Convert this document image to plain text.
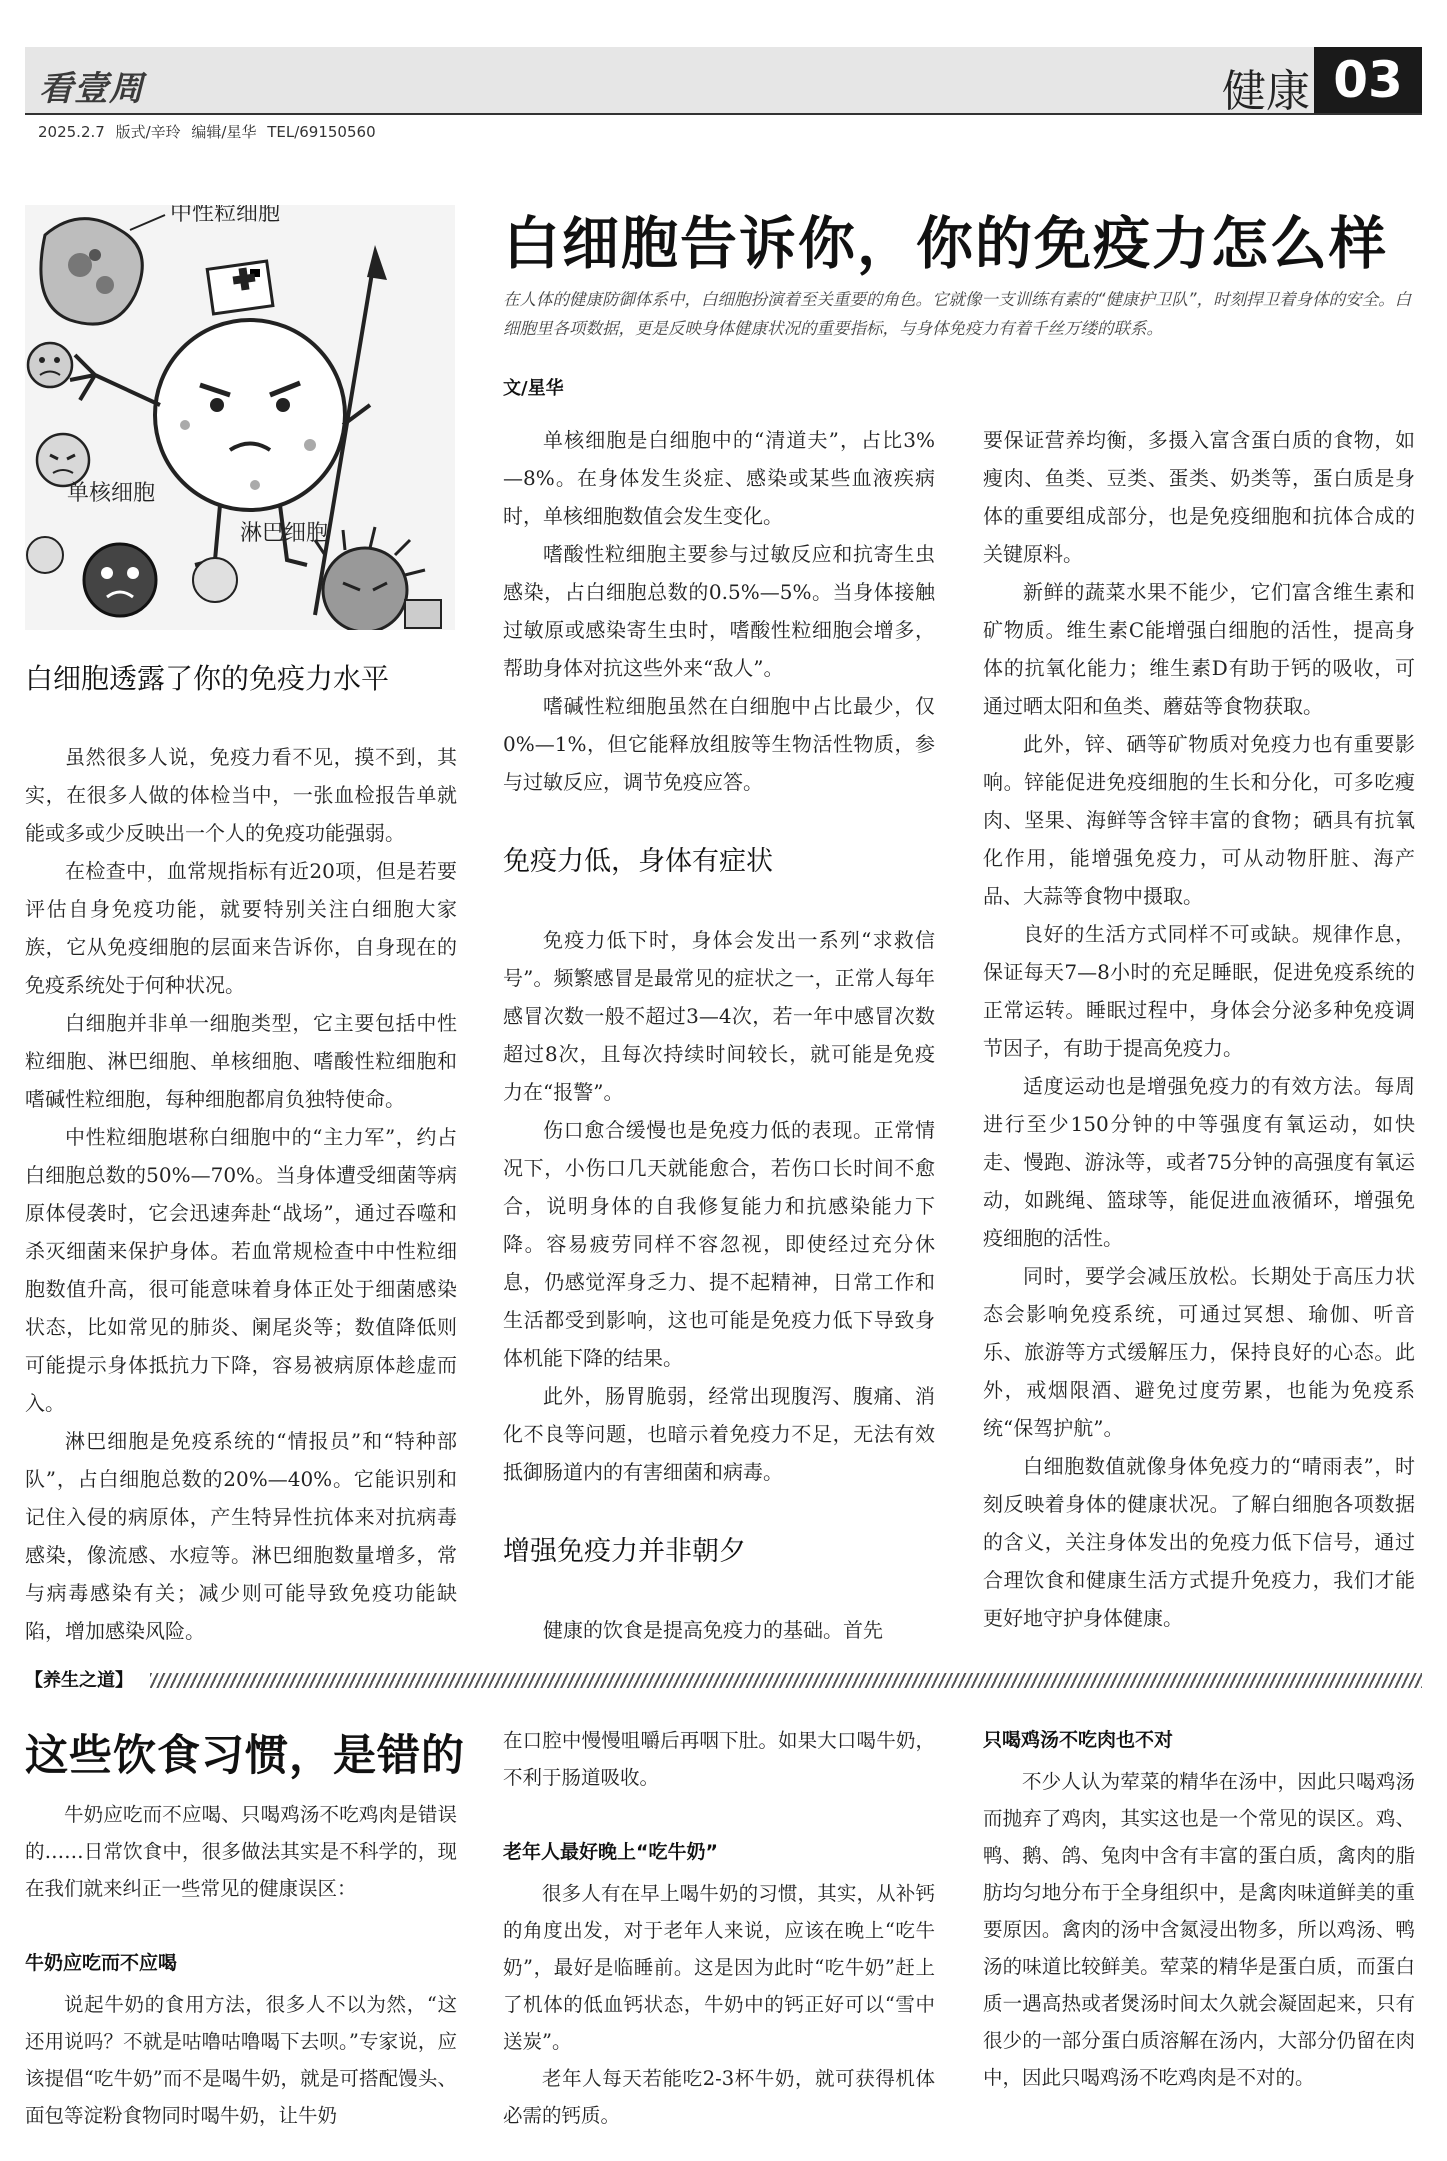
看壹周	健康 03
2025.2.7 版式/辛玲 编辑/星华 TEL/69150560
中性粒细胞
单核细胞
淋巴细胞
白细胞透露了你的免疫力水平
白细胞告诉你，你的免疫力怎么样
在人体的健康防御体系中，白细胞扮演着至关重要的角色。它就像一支训练有素的“健康护卫队”，时刻捍卫着身体的安全。白细胞里各项数据，更是反映身体健康状况的重要指标，与身体免疫力有着千丝万缕的联系。
文/星华

虽然很多人说，免疫力看不见，摸不到，其实，在很多人做的体检当中，一张血检报告单就能或多或少反映出一个人的免疫功能强弱。

在检查中，血常规指标有近20项，但是若要评估自身免疫功能，就要特别关注白细胞大家族，它从免疫细胞的层面来告诉你，自身现在的免疫系统处于何种状况。

白细胞并非单一细胞类型，它主要包括中性粒细胞、淋巴细胞、单核细胞、嗜酸性粒细胞和嗜碱性粒细胞，每种细胞都肩负独特使命。

中性粒细胞堪称白细胞中的“主力军”，约占白细胞总数的50%—70%。当身体遭受细菌等病原体侵袭时，它会迅速奔赴“战场”，通过吞噬和杀灭细菌来保护身体。若血常规检查中中性粒细胞数值升高，很可能意味着身体正处于细菌感染状态，比如常见的肺炎、阑尾炎等；数值降低则可能提示身体抵抗力下降，容易被病原体趁虚而入。

淋巴细胞是免疫系统的“情报员”和“特种部队”，占白细胞总数的20%—40%。它能识别和记住入侵的病原体，产生特异性抗体来对抗病毒感染，像流感、水痘等。淋巴细胞数量增多，常与病毒感染有关；减少则可能导致免疫功能缺陷，增加感染风险。

单核细胞是白细胞中的“清道夫”，占比3%—8%。在身体发生炎症、感染或某些血液疾病时，单核细胞数值会发生变化。

嗜酸性粒细胞主要参与过敏反应和抗寄生虫感染，占白细胞总数的0.5%—5%。当身体接触过敏原或感染寄生虫时，嗜酸性粒细胞会增多，帮助身体对抗这些外来“敌人”。

嗜碱性粒细胞虽然在白细胞中占比最少，仅0%—1%，但它能释放组胺等生物活性物质，参与过敏反应，调节免疫应答。

免疫力低，身体有症状

免疫力低下时，身体会发出一系列“求救信号”。频繁感冒是最常见的症状之一，正常人每年感冒次数一般不超过3—4次，若一年中感冒次数超过8次，且每次持续时间较长，就可能是免疫力在“报警”。

伤口愈合缓慢也是免疫力低的表现。正常情况下，小伤口几天就能愈合，若伤口长时间不愈合，说明身体的自我修复能力和抗感染能力下降。容易疲劳同样不容忽视，即使经过充分休息，仍感觉浑身乏力、提不起精神，日常工作和生活都受到影响，这也可能是免疫力低下导致身体机能下降的结果。

此外，肠胃脆弱，经常出现腹泻、腹痛、消化不良等问题，也暗示着免疫力不足，无法有效抵御肠道内的有害细菌和病毒。

增强免疫力并非朝夕

健康的饮食是提高免疫力的基础。首先

要保证营养均衡，多摄入富含蛋白质的食物，如瘦肉、鱼类、豆类、蛋类、奶类等，蛋白质是身体的重要组成部分，也是免疫细胞和抗体合成的关键原料。

新鲜的蔬菜水果不能少，它们富含维生素和矿物质。维生素C能增强白细胞的活性，提高身体的抗氧化能力；维生素D有助于钙的吸收，可通过晒太阳和鱼类、蘑菇等食物获取。

此外，锌、硒等矿物质对免疫力也有重要影响。锌能促进免疫细胞的生长和分化，可多吃瘦肉、坚果、海鲜等含锌丰富的食物；硒具有抗氧化作用，能增强免疫力，可从动物肝脏、海产品、大蒜等食物中摄取。

良好的生活方式同样不可或缺。规律作息，保证每天7—8小时的充足睡眠，促进免疫系统的正常运转。睡眠过程中，身体会分泌多种免疫调节因子，有助于提高免疫力。

适度运动也是增强免疫力的有效方法。每周进行至少150分钟的中等强度有氧运动，如快走、慢跑、游泳等，或者75分钟的高强度有氧运动，如跳绳、篮球等，能促进血液循环，增强免疫细胞的活性。

同时，要学会减压放松。长期处于高压力状态会影响免疫系统，可通过冥想、瑜伽、听音乐、旅游等方式缓解压力，保持良好的心态。此外，戒烟限酒、避免过度劳累，也能为免疫系统“保驾护航”。

白细胞数值就像身体免疫力的“晴雨表”，时刻反映着身体的健康状况。了解白细胞各项数据的含义，关注身体发出的免疫力低下信号，通过合理饮食和健康生活方式提升免疫力，我们才能更好地守护身体健康。

【养生之道】
这些饮食习惯，是错的

牛奶应吃而不应喝、只喝鸡汤不吃鸡肉是错误的……日常饮食中，很多做法其实是不科学的，现在我们就来纠正一些常见的健康误区：

牛奶应吃而不应喝

说起牛奶的食用方法，很多人不以为然，“这还用说吗？不就是咕噜咕噜喝下去呗。”专家说，应该提倡“吃牛奶”而不是喝牛奶，就是可搭配馒头、面包等淀粉食物同时喝牛奶，让牛奶

在口腔中慢慢咀嚼后再咽下肚。如果大口喝牛奶，不利于肠道吸收。

老年人最好晚上“吃牛奶”

很多人有在早上喝牛奶的习惯，其实，从补钙的角度出发，对于老年人来说，应该在晚上“吃牛奶”，最好是临睡前。这是因为此时“吃牛奶”赶上了机体的低血钙状态，牛奶中的钙正好可以“雪中送炭”。

老年人每天若能吃2-3杯牛奶，就可获得机体必需的钙质。

只喝鸡汤不吃肉也不对

不少人认为荤菜的精华在汤中，因此只喝鸡汤而抛弃了鸡肉，其实这也是一个常见的误区。鸡、鸭、鹅、鸽、兔肉中含有丰富的蛋白质，禽肉的脂肪均匀地分布于全身组织中，是禽肉味道鲜美的重要原因。禽肉的汤中含氮浸出物多，所以鸡汤、鸭汤的味道比较鲜美。荤菜的精华是蛋白质，而蛋白质一遇高热或者煲汤时间太久就会凝固起来，只有很少的一部分蛋白质溶解在汤内，大部分仍留在肉中，因此只喝鸡汤不吃鸡肉是不对的。
